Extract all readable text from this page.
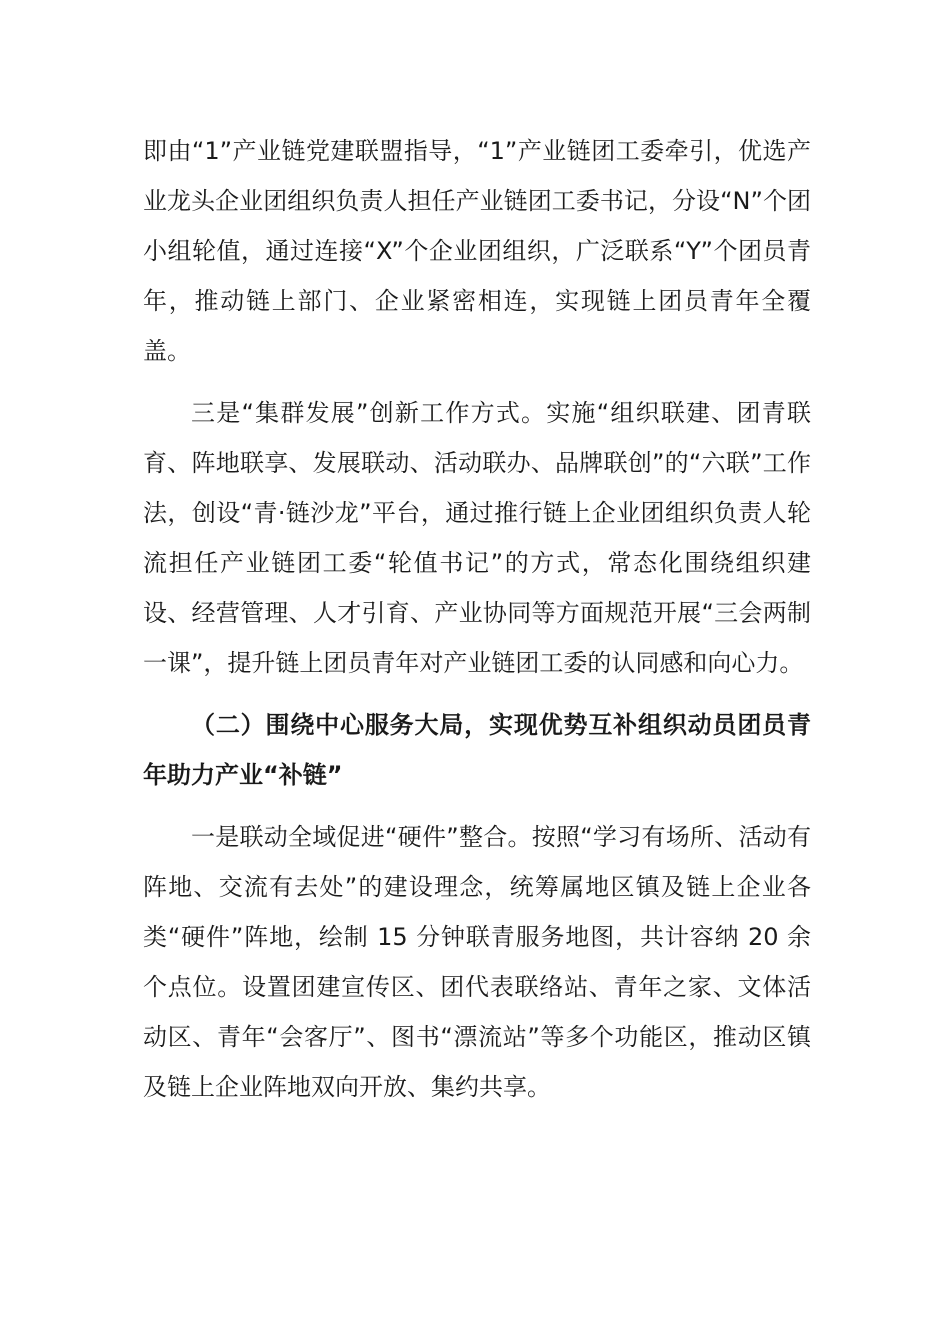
即由“1”产业链党建联盟指导，“1”产业链团工委牵引，优选产业龙头企业团组织负责人担任产业链团工委书记，分设“N”个团小组轮值，通过连接“X”个企业团组织，广泛联系“Y”个团员青年，推动链上部门、企业紧密相连，实现链上团员青年全覆盖。

三是“集群发展”创新工作方式。实施“组织联建、团青联育、阵地联享、发展联动、活动联办、品牌联创”的“六联”工作法，创设“青·链沙龙”平台，通过推行链上企业团组织负责人轮流担任产业链团工委“轮值书记”的方式，常态化围绕组织建设、经营管理、人才引育、产业协同等方面规范开展“三会两制一课”，提升链上团员青年对产业链团工委的认同感和向心力。

（二）围绕中心服务大局，实现优势互补组织动员团员青年助力产业“补链”

一是联动全域促进“硬件”整合。按照“学习有场所、活动有阵地、交流有去处”的建设理念，统筹属地区镇及链上企业各类“硬件”阵地，绘制 15 分钟联青服务地图，共计容纳 20 余个点位。设置团建宣传区、团代表联络站、青年之家、文体活动区、青年“会客厅”、图书“漂流站”等多个功能区，推动区镇及链上企业阵地双向开放、集约共享。
